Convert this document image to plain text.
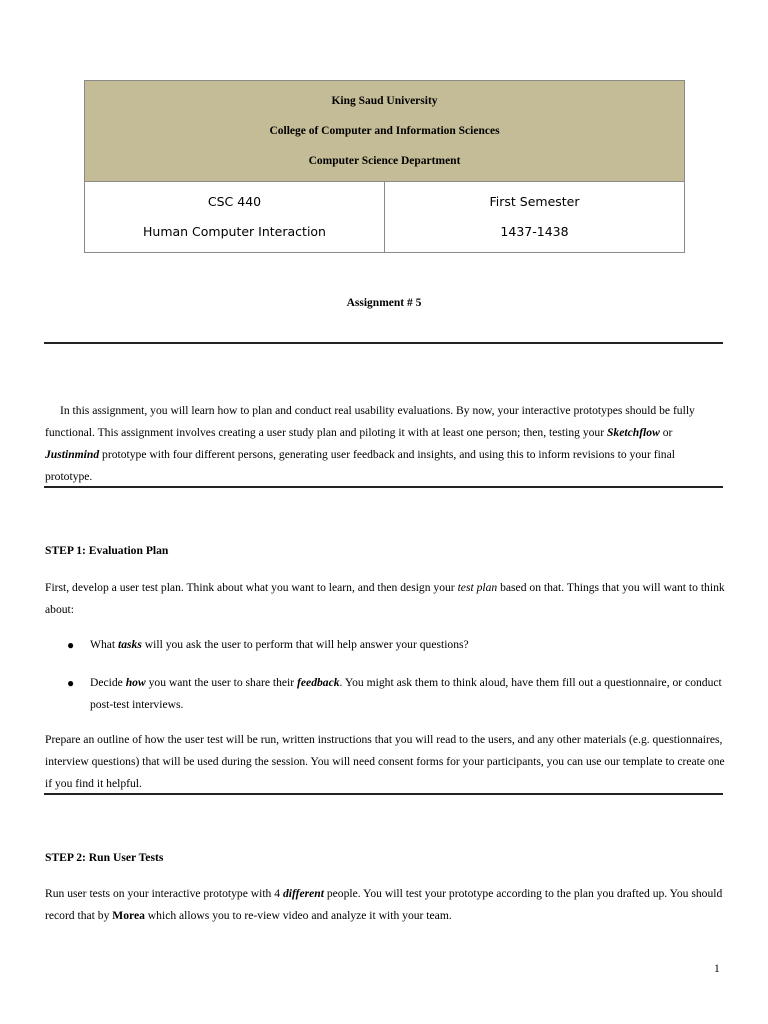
King Saud University
College of Computer and Information Sciences
Computer Science Department
CSC 440
Human Computer Interaction
First Semester
1437-1438
Assignment # 5

In this assignment, you will learn how to plan and conduct real usability evaluations. By now, your interactive prototypes should be fully functional. This assignment involves creating a user study plan and piloting it with at least one person; then, testing your Sketchflow or Justinmind prototype with four different persons, generating user feedback and insights, and using this to inform revisions to your final prototype.

STEP 1: Evaluation Plan

First, develop a user test plan. Think about what you want to learn, and then design your test plan based on that. Things that you will want to think about:

● What tasks will you ask the user to perform that will help answer your questions?
● Decide how you want the user to share their feedback. You might ask them to think aloud, have them fill out a questionnaire, or conduct post-test interviews.

Prepare an outline of how the user test will be run, written instructions that you will read to the users, and any other materials (e.g. questionnaires, interview questions) that will be used during the session. You will need consent forms for your participants, you can use our template to create one if you find it helpful.

STEP 2: Run User Tests

Run user tests on your interactive prototype with 4 different people. You will test your prototype according to the plan you drafted up. You should record that by Morea which allows you to re-view video and analyze it with your team.

1
